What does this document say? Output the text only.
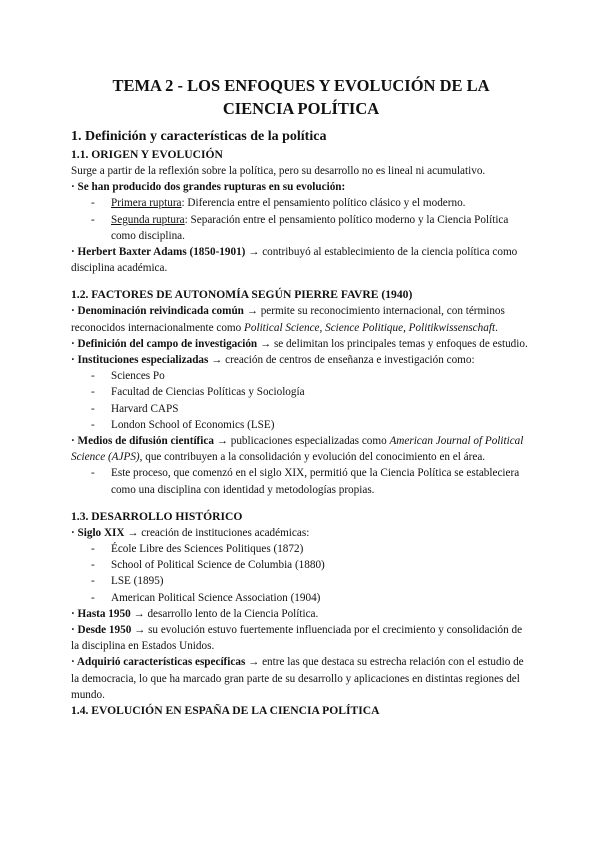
TEMA 2 - LOS ENFOQUES Y EVOLUCIÓN DE LA
CIENCIA POLÍTICA
1. Definición y características de la política
1.1. ORIGEN Y EVOLUCIÓN

Surge a partir de la reflexión sobre la política, pero su desarrollo no es lineal ni acumulativo.

· Se han producido dos grandes rupturas en su evolución:

- Primera ruptura: Diferencia entre el pensamiento político clásico y el moderno.
- Segunda ruptura: Separación entre el pensamiento político moderno y la Ciencia Política como disciplina.

· Herbert Baxter Adams (1850-1901) → contribuyó al establecimiento de la ciencia política como disciplina académica.

1.2. FACTORES DE AUTONOMÍA SEGÚN PIERRE FAVRE (1940)

· Denominación reivindicada común → permite su reconocimiento internacional, con términos reconocidos internacionalmente como Political Science, Science Politique, Politikwissenschaft.

· Definición del campo de investigación → se delimitan los principales temas y enfoques de estudio.

· Instituciones especializadas → creación de centros de enseñanza e investigación como:

- Sciences Po
- Facultad de Ciencias Políticas y Sociología
- Harvard CAPS
- London School of Economics (LSE)

· Medios de difusión científica → publicaciones especializadas como American Journal of Political Science (AJPS), que contribuyen a la consolidación y evolución del conocimiento en el área.

- Este proceso, que comenzó en el siglo XIX, permitió que la Ciencia Política se estableciera como una disciplina con identidad y metodologías propias.
1.3. DESARROLLO HISTÓRICO

· Siglo XIX → creación de instituciones académicas:

- École Libre des Sciences Politiques (1872)
- School of Political Science de Columbia (1880)
- LSE (1895)
- American Political Science Association (1904)

· Hasta 1950 → desarrollo lento de la Ciencia Política.

· Desde 1950 → su evolución estuvo fuertemente influenciada por el crecimiento y consolidación de la disciplina en Estados Unidos.

· Adquirió características específicas → entre las que destaca su estrecha relación con el estudio de la democracia, lo que ha marcado gran parte de su desarrollo y aplicaciones en distintas regiones del mundo.

1.4. EVOLUCIÓN EN ESPAÑA DE LA CIENCIA POLÍTICA
